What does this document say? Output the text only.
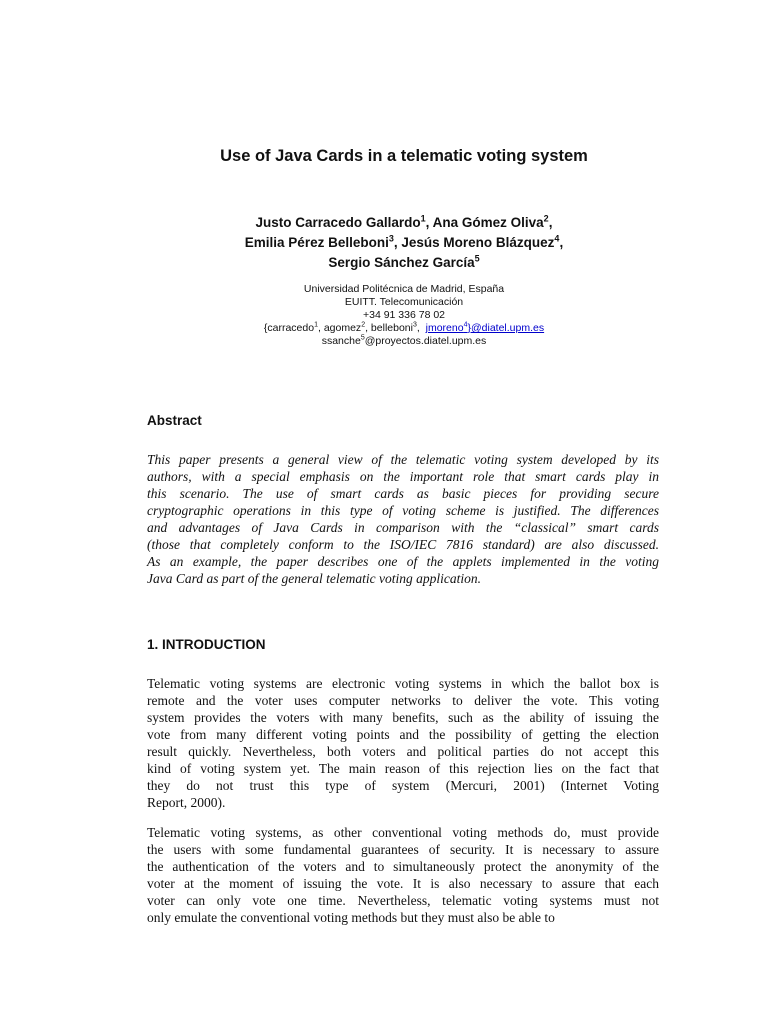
Use of Java Cards in a telematic voting system
Justo Carracedo Gallardo$^1$, Ana Gómez Oliva$^2$,
Emilia Pérez Belleboni$^3$, Jesús Moreno Blázquez$^4$,
Sergio Sánchez García$^5$
Universidad Politécnica de Madrid, España
EUITT. Telecomunicación
+34 91 336 78 02
{carracedo$^1$, agomez$^2$, belleboni$^3$,  jmoreno$^4$}@diatel.upm.es
ssanche$^5$@proyectos.diatel.upm.es
Abstract
This paper presents a general view of the telematic voting system developed by its
authors, with a special emphasis on the important role that smart cards play in
this scenario. The use of smart cards as basic pieces for providing secure
cryptographic operations in this type of voting scheme is justified. The differences
and advantages of Java Cards in comparison with the “classical” smart cards
(those that completely conform to the ISO/IEC 7816 standard) are also discussed.
As an example, the paper describes one of the applets implemented in the voting
Java Card as part of the general telematic voting application.
1. INTRODUCTION
Telematic voting systems are electronic voting systems in which the ballot box is
remote and the voter uses computer networks to deliver the vote. This voting
system provides the voters with many benefits, such as the ability of issuing the
vote from many different voting points and the possibility of getting the election
result quickly. Nevertheless, both voters and political parties do not accept this
kind of voting system yet. The main reason of this rejection lies on the fact that
they do not trust this type of system (Mercuri, 2001) (Internet Voting
Report, 2000).
Telematic voting systems, as other conventional voting methods do, must provide
the users with some fundamental guarantees of security. It is necessary to assure
the authentication of the voters and to simultaneously protect the anonymity of the
voter at the moment of issuing the vote. It is also necessary to assure that each
voter can only vote one time. Nevertheless, telematic voting systems must not
only emulate the conventional voting methods but they must also be able to
